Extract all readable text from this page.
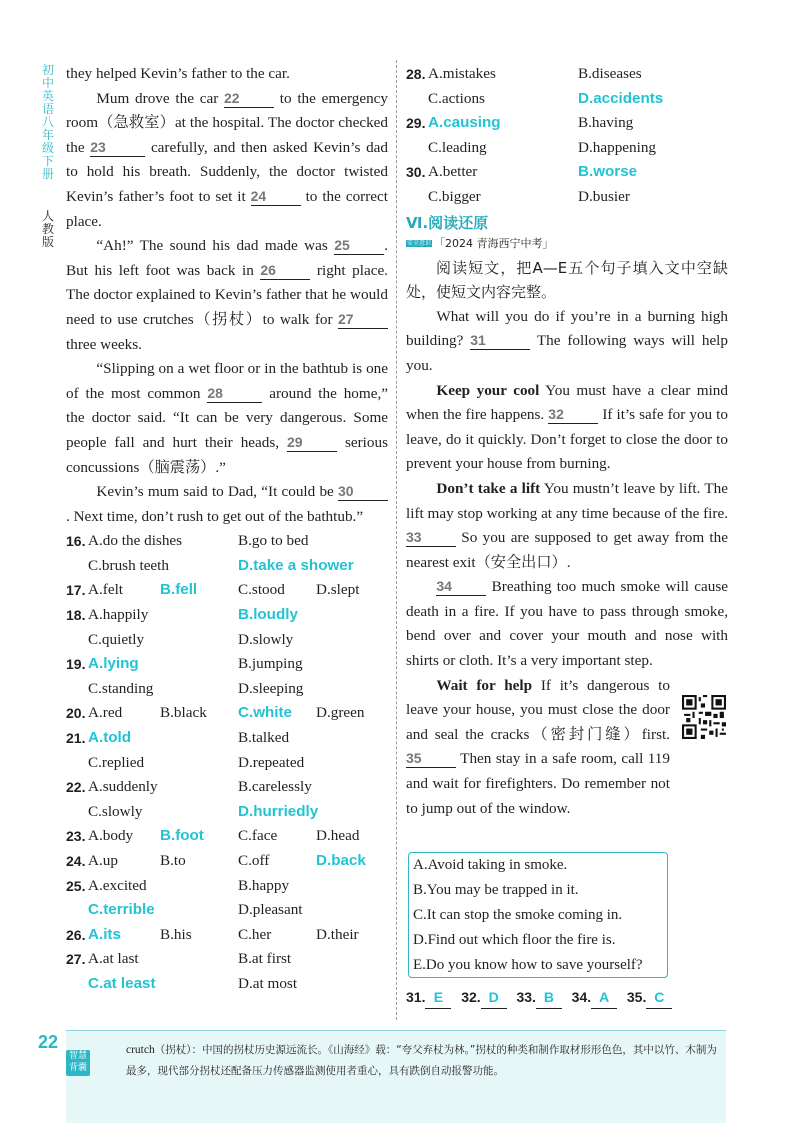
初中英语八年级下册
人教版

they helped Kevin’s father to the car.

Mum drove the car 22 to the emergency room（急救室）at the hospital. The doctor checked the 23	carefully, and then asked Kevin’s dad to hold his breath. Suddenly, the doctor twisted Kevin’s father’s foot to set it 24 to the correct place.

“Ah!” The sound his dad made was 25 . But his left foot was back in 26 right place. The doctor explained to Kevin’s father that he would need to use crutches（拐杖）to walk for 27 three weeks.

“Slipping on a wet floor or in the bathtub is one of the most common 28	around the home,” the doctor said. “It can be very dangerous. Some people fall and hurt their heads, 29 serious concussions（脑震荡）.”

Kevin’s mum said to Dad, “It could be 30. Next time, don’t rush to get out of the bathtub.”

16. A.do the dishes	B.go to bed
C.brush teeth	D.take a shower
17. A.felt B.fell	C.stood D.slept
18. A.happily	B.loudly
C.quietly	D.slowly
19. A.lying	B.jumping
C.standing	D.sleeping
20. A.red B.black C.white D.green
21. A.told	B.talked
C.replied	D.repeated
22. A.suddenly	B.carelessly
C.slowly	D.hurriedly
23. A.body B.foot C.face	D.head
24. A.up	B.to	C.off	D.back
25. A.excited	B.happy
C.terrible	D.pleasant
26. A.its	B.his	C.her	D.their
27. A.at last	B.at first
C.at least	D.at most
28. A.mistakes	B.diseases
C.actions	D.accidents
29. A.causing	B.having
C.leading	D.happening
30. A.better	B.worse
C.bigger	D.busier
Ⅵ.阅读还原
安全意识 「2024 青海西宁中考」

阅读短文，把A—E五个句子填入文中空缺处，使短文内容完整。

What will you do if you’re in a burning high building? 31	The following ways will help you.

Keep your cool You must have a clear mind when the fire happens. 32 If it’s safe for you to leave, do it quickly. Don’t forget to close the door to prevent your house from burning.

Don’t take a lift You mustn’t leave by lift. The lift may stop working at any time because of the fire. 33 So you are supposed to get away from the nearest exit（安全出口）.

34 Breathing too much smoke will cause death in a fire. If you have to pass through smoke, bend over and cover your mouth and nose with shirts or cloth. It’s a very important step.

Wait for help If it’s dangerous to leave your house, you must close the door and seal the cracks（密封门缝）first. 35 Then stay in a safe room, call 119 and wait for firefighters. Do remember not to jump out of the window.

A.Avoid taking in smoke.
B.You may be trapped in it.
C.It can stop the smoke coming in.
D.Find out which floor the fire is.
E.Do you know how to save yourself?
31. E 32. D 33. B 34. A 35. C
22
智慧背囊
crutch（拐杖）：中国的拐杖历史源远流长。《山海经》载：“夸父弃杖为林。”拐杖的种类和制作取材形形色色，其中以竹、木制为最多，现代部分拐杖还配备压力传感器监测使用者重心，具有跌倒自动报警功能。
